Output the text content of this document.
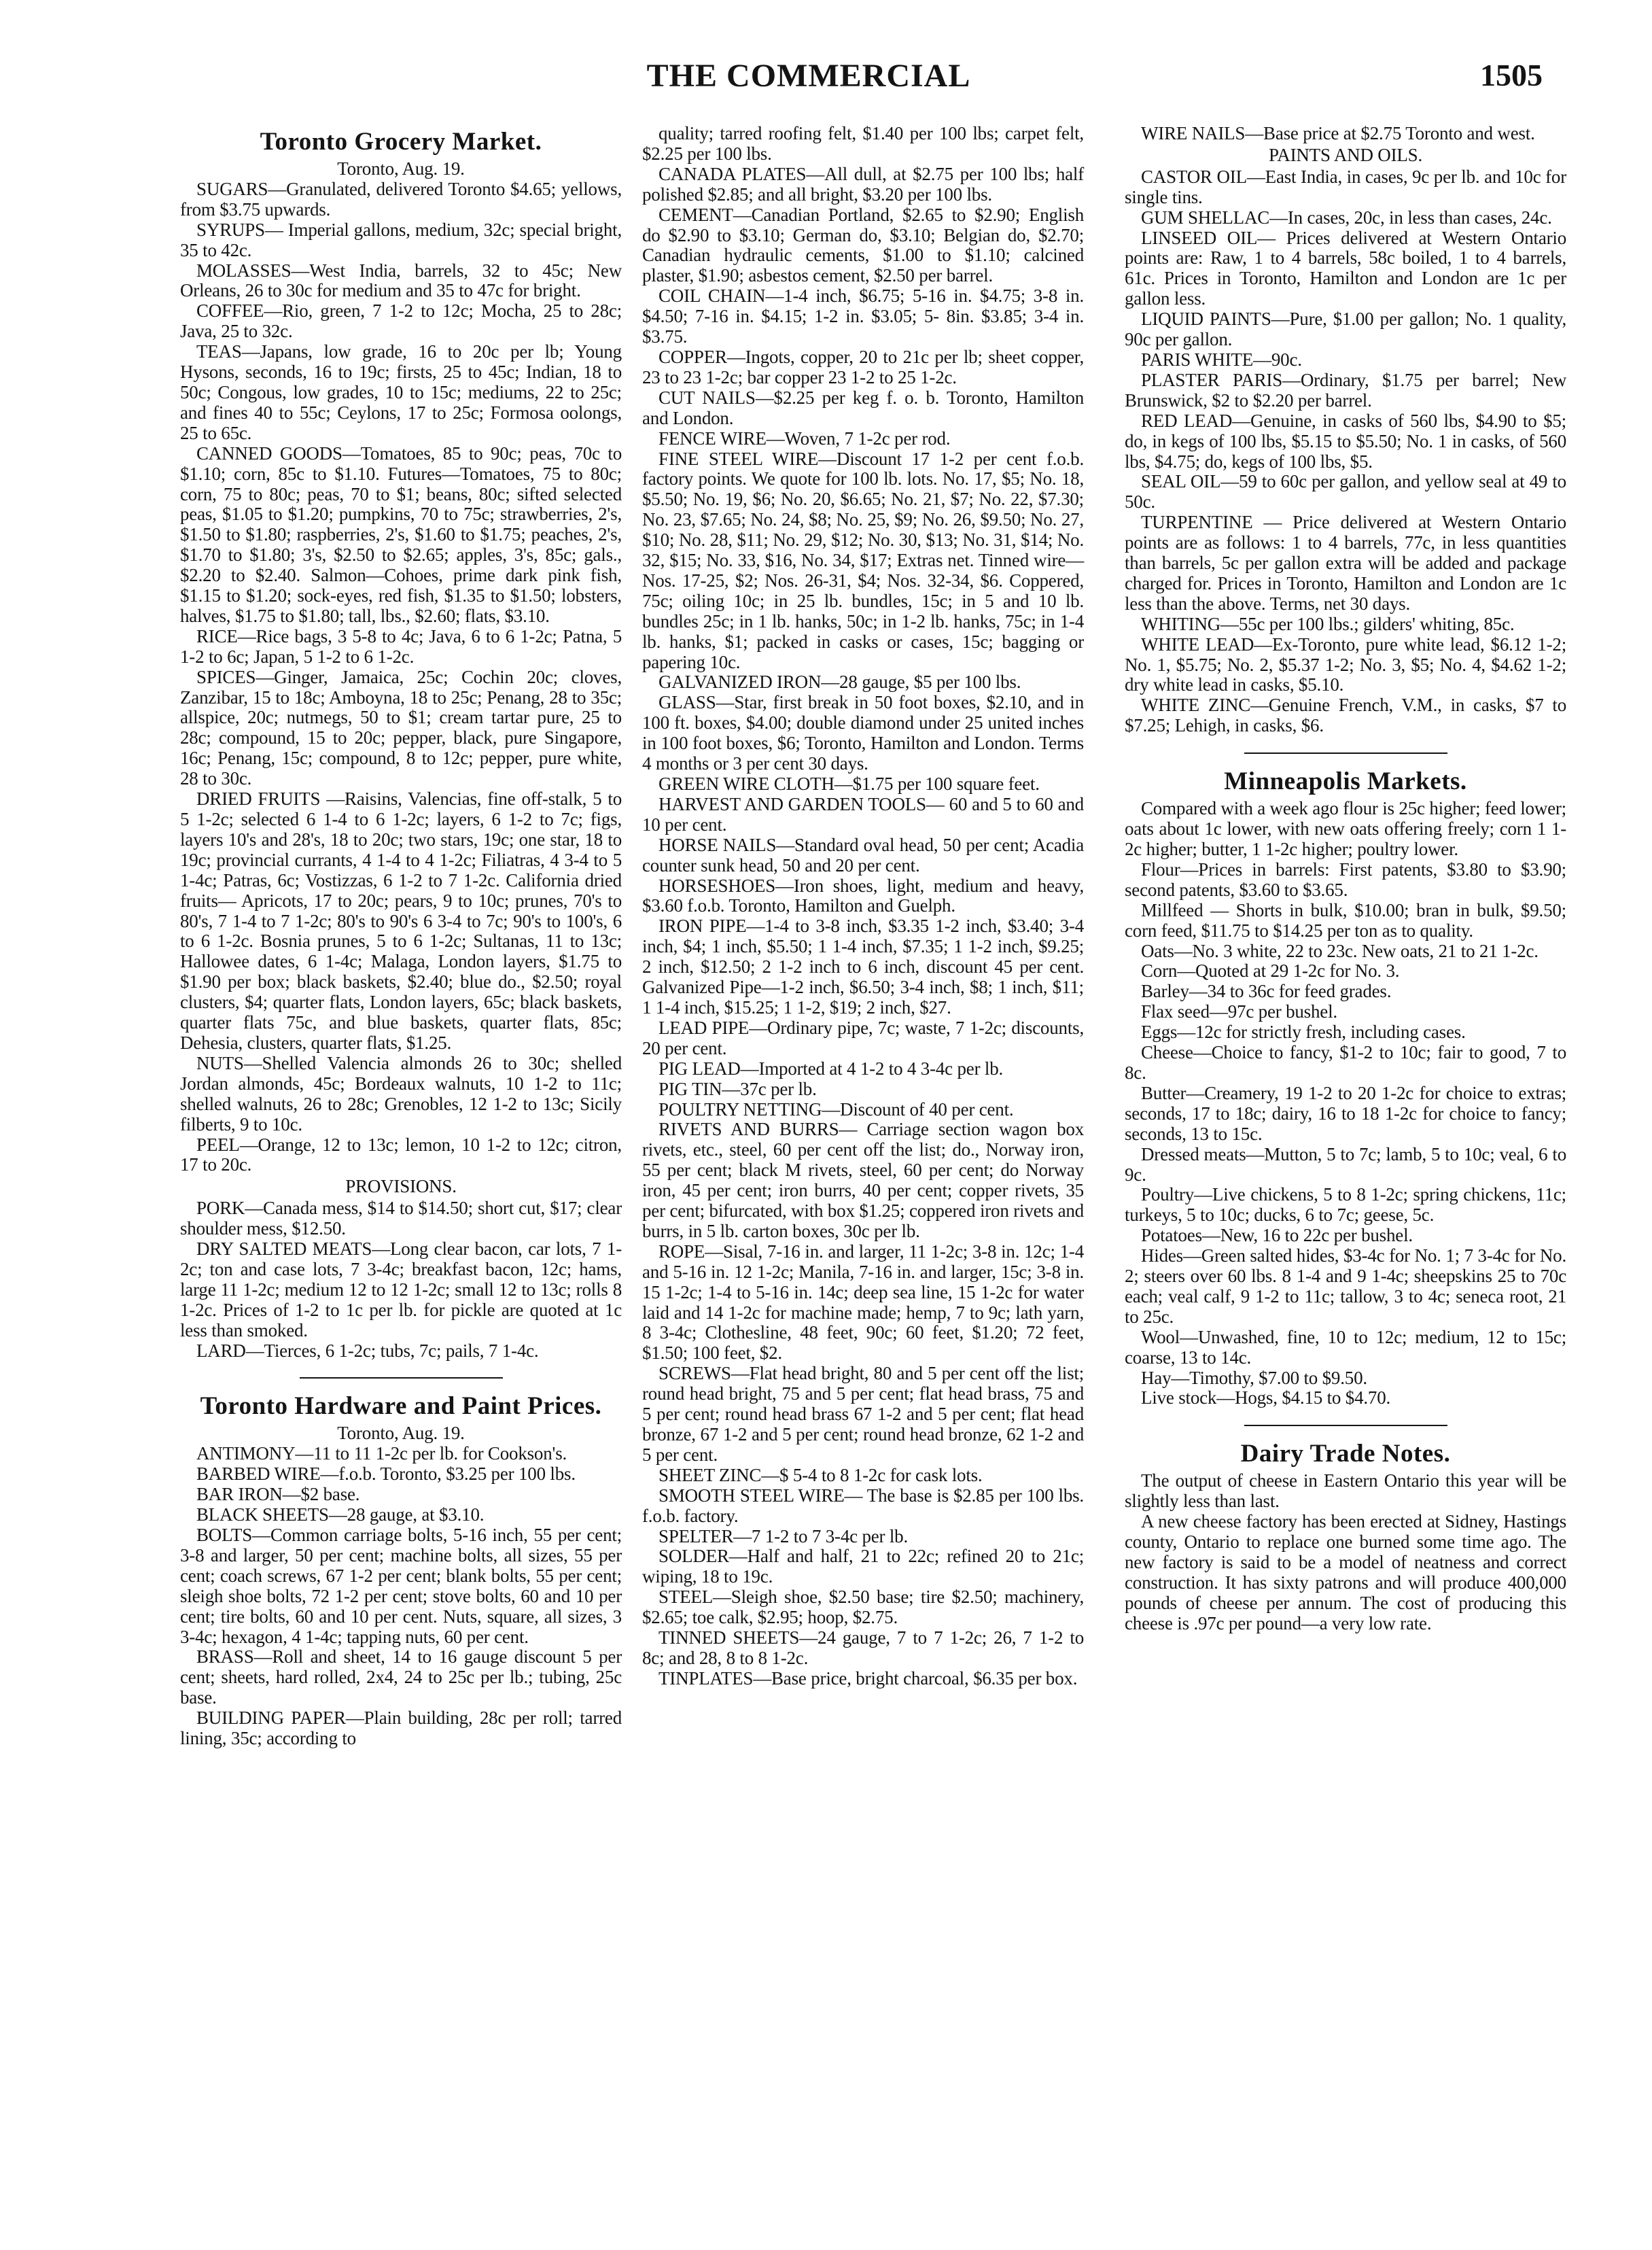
THE COMMERCIAL	1505
Toronto Grocery Market.
Toronto, Aug. 19.

SUGARS—Granulated, delivered Toronto $4.65; yellows, from $3.75 upwards.

SYRUPS— Imperial gallons, medium, 32c; special bright, 35 to 42c.

MOLASSES—West India, barrels, 32 to 45c; New Orleans, 26 to 30c for medium and 35 to 47c for bright.

COFFEE—Rio, green, 7 1-2 to 12c; Mocha, 25 to 28c; Java, 25 to 32c.

TEAS—Japans, low grade, 16 to 20c per lb; Young Hysons, seconds, 16 to 19c; firsts, 25 to 45c; Indian, 18 to 50c; Congous, low grades, 10 to 15c; mediums, 22 to 25c; and fines 40 to 55c; Ceylons, 17 to 25c; Formosa oolongs, 25 to 65c.

CANNED GOODS—Tomatoes, 85 to 90c; peas, 70c to $1.10; corn, 85c to $1.10. Futures—Tomatoes, 75 to 80c; corn, 75 to 80c; peas, 70 to $1; beans, 80c; sifted selected peas, $1.05 to $1.20; pumpkins, 70 to 75c; strawberries, 2's, $1.50 to $1.80; raspberries, 2's, $1.60 to $1.75; peaches, 2's, $1.70 to $1.80; 3's, $2.50 to $2.65; apples, 3's, 85c; gals., $2.20 to $2.40. Salmon—Cohoes, prime dark pink fish, $1.15 to $1.20; sock-eyes, red fish, $1.35 to $1.50; lobsters, halves, $1.75 to $1.80; tall, lbs., $2.60; flats, $3.10.

RICE—Rice bags, 3 5-8 to 4c; Java, 6 to 6 1-2c; Patna, 5 1-2 to 6c; Japan, 5 1-2 to 6 1-2c.

SPICES—Ginger, Jamaica, 25c; Cochin 20c; cloves, Zanzibar, 15 to 18c; Amboyna, 18 to 25c; Penang, 28 to 35c; allspice, 20c; nutmegs, 50 to $1; cream tartar pure, 25 to 28c; compound, 15 to 20c; pepper, black, pure Singapore, 16c; Penang, 15c; compound, 8 to 12c; pepper, pure white, 28 to 30c.

DRIED FRUITS —Raisins, Valencias, fine off-stalk, 5 to 5 1-2c; selected 6 1-4 to 6 1-2c; layers, 6 1-2 to 7c; figs, layers 10's and 28's, 18 to 20c; two stars, 19c; one star, 18 to 19c; provincial currants, 4 1-4 to 4 1-2c; Filiatras, 4 3-4 to 5 1-4c; Patras, 6c; Vostizzas, 6 1-2 to 7 1-2c. California dried fruits— Apricots, 17 to 20c; pears, 9 to 10c; prunes, 70's to 80's, 7 1-4 to 7 1-2c; 80's to 90's 6 3-4 to 7c; 90's to 100's, 6 to 6 1-2c. Bosnia prunes, 5 to 6 1-2c; Sultanas, 11 to 13c; Hallowee dates, 6 1-4c; Malaga, London layers, $1.75 to $1.90 per box; black baskets, $2.40; blue do., $2.50; royal clusters, $4; quarter flats, London layers, 65c; black baskets, quarter flats 75c, and blue baskets, quarter flats, 85c; Dehesia, clusters, quarter flats, $1.25.

NUTS—Shelled Valencia almonds 26 to 30c; shelled Jordan almonds, 45c; Bordeaux walnuts, 10 1-2 to 11c; shelled walnuts, 26 to 28c; Grenobles, 12 1-2 to 13c; Sicily filberts, 9 to 10c.

PEEL—Orange, 12 to 13c; lemon, 10 1-2 to 12c; citron, 17 to 20c.

PROVISIONS.

PORK—Canada mess, $14 to $14.50; short cut, $17; clear shoulder mess, $12.50.

DRY SALTED MEATS—Long clear bacon, car lots, 7 1-2c; ton and case lots, 7 3-4c; breakfast bacon, 12c; hams, large 11 1-2c; medium 12 to 12 1-2c; small 12 to 13c; rolls 8 1-2c. Prices of 1-2 to 1c per lb. for pickle are quoted at 1c less than smoked.

LARD—Tierces, 6 1-2c; tubs, 7c; pails, 7 1-4c.

Toronto Hardware and Paint Prices.
Toronto, Aug. 19.

ANTIMONY—11 to 11 1-2c per lb. for Cookson's.

BARBED WIRE—f.o.b. Toronto, $3.25 per 100 lbs.

BAR IRON—$2 base.

BLACK SHEETS—28 gauge, at $3.10.

BOLTS—Common carriage bolts, 5-16 inch, 55 per cent; 3-8 and larger, 50 per cent; machine bolts, all sizes, 55 per cent; coach screws, 67 1-2 per cent; blank bolts, 55 per cent; sleigh shoe bolts, 72 1-2 per cent; stove bolts, 60 and 10 per cent; tire bolts, 60 and 10 per cent. Nuts, square, all sizes, 3 3-4c; hexagon, 4 1-4c; tapping nuts, 60 per cent.

BRASS—Roll and sheet, 14 to 16 gauge discount 5 per cent; sheets, hard rolled, 2x4, 24 to 25c per lb.; tubing, 25c base.

BUILDING PAPER—Plain building, 28c per roll; tarred lining, 35c; according to

quality; tarred roofing felt, $1.40 per 100 lbs; carpet felt, $2.25 per 100 lbs.

CANADA PLATES—All dull, at $2.75 per 100 lbs; half polished $2.85; and all bright, $3.20 per 100 lbs.

CEMENT—Canadian Portland, $2.65 to $2.90; English do $2.90 to $3.10; German do, $3.10; Belgian do, $2.70; Canadian hydraulic cements, $1.00 to $1.10; calcined plaster, $1.90; asbestos cement, $2.50 per barrel.

COIL CHAIN—1-4 inch, $6.75; 5-16 in. $4.75; 3-8 in. $4.50; 7-16 in. $4.15; 1-2 in. $3.05; 5- 8in. $3.85; 3-4 in. $3.75.

COPPER—Ingots, copper, 20 to 21c per lb; sheet copper, 23 to 23 1-2c; bar copper 23 1-2 to 25 1-2c.

CUT NAILS—$2.25 per keg f. o. b. Toronto, Hamilton and London.

FENCE WIRE—Woven, 7 1-2c per rod.

FINE STEEL WIRE—Discount 17 1-2 per cent f.o.b. factory points. We quote for 100 lb. lots. No. 17, $5; No. 18, $5.50; No. 19, $6; No. 20, $6.65; No. 21, $7; No. 22, $7.30; No. 23, $7.65; No. 24, $8; No. 25, $9; No. 26, $9.50; No. 27, $10; No. 28, $11; No. 29, $12; No. 30, $13; No. 31, $14; No. 32, $15; No. 33, $16, No. 34, $17; Extras net. Tinned wire— Nos. 17-25, $2; Nos. 26-31, $4; Nos. 32-34, $6. Coppered, 75c; oiling 10c; in 25 lb. bundles, 15c; in 5 and 10 lb. bundles 25c; in 1 lb. hanks, 50c; in 1-2 lb. hanks, 75c; in 1-4 lb. hanks, $1; packed in casks or cases, 15c; bagging or papering 10c.

GALVANIZED IRON—28 gauge, $5 per 100 lbs.

GLASS—Star, first break in 50 foot boxes, $2.10, and in 100 ft. boxes, $4.00; double diamond under 25 united inches in 100 foot boxes, $6; Toronto, Hamilton and London. Terms 4 months or 3 per cent 30 days.

GREEN WIRE CLOTH—$1.75 per 100 square feet.

HARVEST AND GARDEN TOOLS— 60 and 5 to 60 and 10 per cent.

HORSE NAILS—Standard oval head, 50 per cent; Acadia counter sunk head, 50 and 20 per cent.

HORSESHOES—Iron shoes, light, medium and heavy, $3.60 f.o.b. Toronto, Hamilton and Guelph.

IRON PIPE—1-4 to 3-8 inch, $3.35 1-2 inch, $3.40; 3-4 inch, $4; 1 inch, $5.50; 1 1-4 inch, $7.35; 1 1-2 inch, $9.25; 2 inch, $12.50; 2 1-2 inch to 6 inch, discount 45 per cent. Galvanized Pipe—1-2 inch, $6.50; 3-4 inch, $8; 1 inch, $11; 1 1-4 inch, $15.25; 1 1-2, $19; 2 inch, $27.

LEAD PIPE—Ordinary pipe, 7c; waste, 7 1-2c; discounts, 20 per cent.

PIG LEAD—Imported at 4 1-2 to 4 3-4c per lb.

PIG TIN—37c per lb.

POULTRY NETTING—Discount of 40 per cent.

RIVETS AND BURRS— Carriage section wagon box rivets, etc., steel, 60 per cent off the list; do., Norway iron, 55 per cent; black M rivets, steel, 60 per cent; do Norway iron, 45 per cent; iron burrs, 40 per cent; copper rivets, 35 per cent; bifurcated, with box $1.25; coppered iron rivets and burrs, in 5 lb. carton boxes, 30c per lb.

ROPE—Sisal, 7-16 in. and larger, 11 1-2c; 3-8 in. 12c; 1-4 and 5-16 in. 12 1-2c; Manila, 7-16 in. and larger, 15c; 3-8 in. 15 1-2c; 1-4 to 5-16 in. 14c; deep sea line, 15 1-2c for water laid and 14 1-2c for machine made; hemp, 7 to 9c; lath yarn, 8 3-4c; Clothesline, 48 feet, 90c; 60 feet, $1.20; 72 feet, $1.50; 100 feet, $2.

SCREWS—Flat head bright, 80 and 5 per cent off the list; round head bright, 75 and 5 per cent; flat head brass, 75 and 5 per cent; round head brass 67 1-2 and 5 per cent; flat head bronze, 67 1-2 and 5 per cent; round head bronze, 62 1-2 and 5 per cent.

SHEET ZINC—$ 5-4 to 8 1-2c for cask lots.

SMOOTH STEEL WIRE— The base is $2.85 per 100 lbs. f.o.b. factory.

SPELTER—7 1-2 to 7 3-4c per lb.

SOLDER—Half and half, 21 to 22c; refined 20 to 21c; wiping, 18 to 19c.

STEEL—Sleigh shoe, $2.50 base; tire $2.50; machinery, $2.65; toe calk, $2.95; hoop, $2.75.

TINNED SHEETS—24 gauge, 7 to 7 1-2c; 26, 7 1-2 to 8c; and 28, 8 to 8 1-2c.

TINPLATES—Base price, bright charcoal, $6.35 per box.

WIRE NAILS—Base price at $2.75 Toronto and west.

PAINTS AND OILS.

CASTOR OIL—East India, in cases, 9c per lb. and 10c for single tins.

GUM SHELLAC—In cases, 20c, in less than cases, 24c.

LINSEED OIL— Prices delivered at Western Ontario points are: Raw, 1 to 4 barrels, 58c boiled, 1 to 4 barrels, 61c. Prices in Toronto, Hamilton and London are 1c per gallon less.

LIQUID PAINTS—Pure, $1.00 per gallon; No. 1 quality, 90c per gallon.

PARIS WHITE—90c.

PLASTER PARIS—Ordinary, $1.75 per barrel; New Brunswick, $2 to $2.20 per barrel.

RED LEAD—Genuine, in casks of 560 lbs, $4.90 to $5; do, in kegs of 100 lbs, $5.15 to $5.50; No. 1 in casks, of 560 lbs, $4.75; do, kegs of 100 lbs, $5.

SEAL OIL—59 to 60c per gallon, and yellow seal at 49 to 50c.

TURPENTINE — Price delivered at Western Ontario points are as follows: 1 to 4 barrels, 77c, in less quantities than barrels, 5c per gallon extra will be added and package charged for. Prices in Toronto, Hamilton and London are 1c less than the above. Terms, net 30 days.

WHITING—55c per 100 lbs.; gilders' whiting, 85c.

WHITE LEAD—Ex-Toronto, pure white lead, $6.12 1-2; No. 1, $5.75; No. 2, $5.37 1-2; No. 3, $5; No. 4, $4.62 1-2; dry white lead in casks, $5.10.

WHITE ZINC—Genuine French, V.M., in casks, $7 to $7.25; Lehigh, in casks, $6.

Minneapolis Markets.

Compared with a week ago flour is 25c higher; feed lower; oats about 1c lower, with new oats offering freely; corn 1 1-2c higher; butter, 1 1-2c higher; poultry lower.

Flour—Prices in barrels: First patents, $3.80 to $3.90; second patents, $3.60 to $3.65.

Millfeed — Shorts in bulk, $10.00; bran in bulk, $9.50; corn feed, $11.75 to $14.25 per ton as to quality.

Oats—No. 3 white, 22 to 23c. New oats, 21 to 21 1-2c.

Corn—Quoted at 29 1-2c for No. 3.

Barley—34 to 36c for feed grades.

Flax seed—97c per bushel.

Eggs—12c for strictly fresh, including cases.

Cheese—Choice to fancy, $1-2 to 10c; fair to good, 7 to 8c.

Butter—Creamery, 19 1-2 to 20 1-2c for choice to extras; seconds, 17 to 18c; dairy, 16 to 18 1-2c for choice to fancy; seconds, 13 to 15c.

Dressed meats—Mutton, 5 to 7c; lamb, 5 to 10c; veal, 6 to 9c.

Poultry—Live chickens, 5 to 8 1-2c; spring chickens, 11c; turkeys, 5 to 10c; ducks, 6 to 7c; geese, 5c.

Potatoes—New, 16 to 22c per bushel.

Hides—Green salted hides, $3-4c for No. 1; 7 3-4c for No. 2; steers over 60 lbs. 8 1-4 and 9 1-4c; sheepskins 25 to 70c each; veal calf, 9 1-2 to 11c; tallow, 3 to 4c; seneca root, 21 to 25c.

Wool—Unwashed, fine, 10 to 12c; medium, 12 to 15c; coarse, 13 to 14c.

Hay—Timothy, $7.00 to $9.50.

Live stock—Hogs, $4.15 to $4.70.

Dairy Trade Notes.

The output of cheese in Eastern Ontario this year will be slightly less than last.

A new cheese factory has been erected at Sidney, Hastings county, Ontario to replace one burned some time ago. The new factory is said to be a model of neatness and correct construction. It has sixty patrons and will produce 400,000 pounds of cheese per annum. The cost of producing this cheese is .97c per pound—a very low rate.
